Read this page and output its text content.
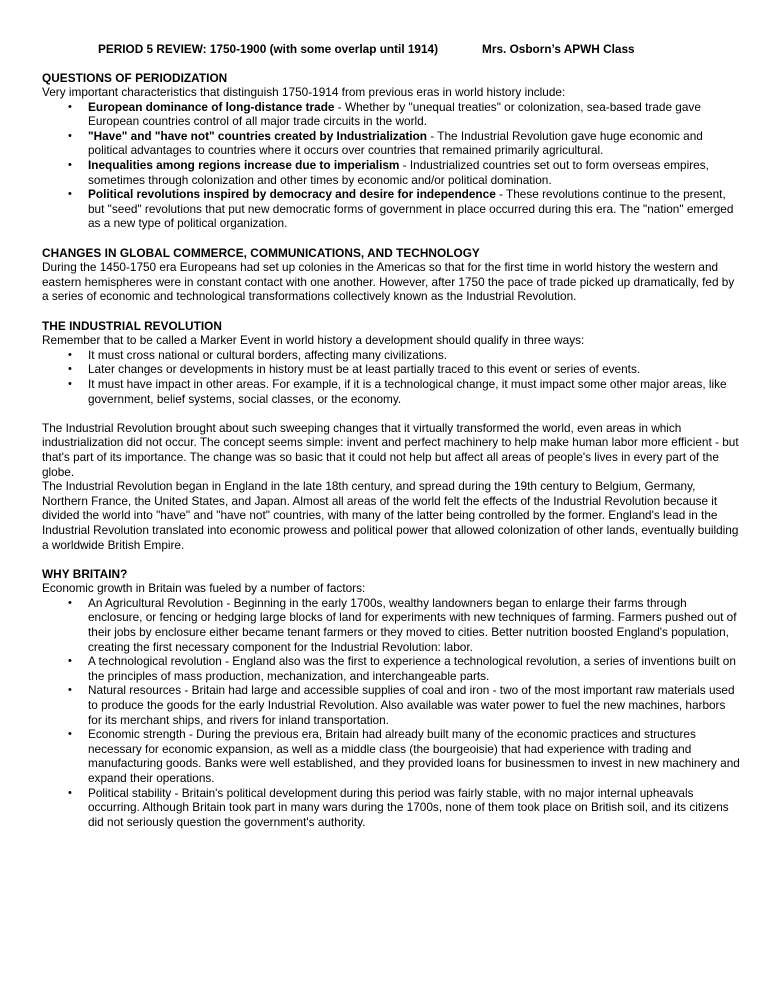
PERIOD 5 REVIEW: 1750-1900 (with some overlap until 1914)	Mrs. Osborn’s APWH Class

QUESTIONS OF PERIODIZATION

Very important characteristics that distinguish 1750-1914 from previous eras in world history include:

• European dominance of long-distance trade - Whether by "unequal treaties" or colonization, sea-based trade gave European countries control of all major trade circuits in the world.
• "Have" and "have not" countries created by Industrialization - The Industrial Revolution gave huge economic and political advantages to countries where it occurs over countries that remained primarily agricultural.
• Inequalities among regions increase due to imperialism - Industrialized countries set out to form overseas empires, sometimes through colonization and other times by economic and/or political domination.
• Political revolutions inspired by democracy and desire for independence - These revolutions continue to the present, but "seed" revolutions that put new democratic forms of government in place occurred during this era. The "nation" emerged as a new type of political organization.

CHANGES IN GLOBAL COMMERCE, COMMUNICATIONS, AND TECHNOLOGY

During the 1450-1750 era Europeans had set up colonies in the Americas so that for the first time in world history the western and eastern hemispheres were in constant contact with one another. However, after 1750 the pace of trade picked up dramatically, fed by a series of economic and technological transformations collectively known as the Industrial Revolution.

THE INDUSTRIAL REVOLUTION

Remember that to be called a Marker Event in world history a development should qualify in three ways:

• It must cross national or cultural borders, affecting many civilizations.
• Later changes or developments in history must be at least partially traced to this event or series of events.
• It must have impact in other areas. For example, if it is a technological change, it must impact some other major areas, like government, belief systems, social classes, or the economy.

The Industrial Revolution brought about such sweeping changes that it virtually transformed the world, even areas in which industrialization did not occur. The concept seems simple: invent and perfect machinery to help make human labor more efficient - but that's part of its importance. The change was so basic that it could not help but affect all areas of people's lives in every part of the globe.

The Industrial Revolution began in England in the late 18th century, and spread during the 19th century to Belgium, Germany, Northern France, the United States, and Japan. Almost all areas of the world felt the effects of the Industrial Revolution because it divided the world into "have" and "have not" countries, with many of the latter being controlled by the former. England's lead in the Industrial Revolution translated into economic prowess and political power that allowed colonization of other lands, eventually building a worldwide British Empire.

WHY BRITAIN?

Economic growth in Britain was fueled by a number of factors:

• An Agricultural Revolution - Beginning in the early 1700s, wealthy landowners began to enlarge their farms through enclosure, or fencing or hedging large blocks of land for experiments with new techniques of farming. Farmers pushed out of their jobs by enclosure either became tenant farmers or they moved to cities. Better nutrition boosted England's population, creating the first necessary component for the Industrial Revolution: labor.
• A technological revolution - England also was the first to experience a technological revolution, a series of inventions built on the principles of mass production, mechanization, and interchangeable parts.
• Natural resources - Britain had large and accessible supplies of coal and iron - two of the most important raw materials used to produce the goods for the early Industrial Revolution. Also available was water power to fuel the new machines, harbors for its merchant ships, and rivers for inland transportation.
• Economic strength - During the previous era, Britain had already built many of the economic practices and structures necessary for economic expansion, as well as a middle class (the bourgeoisie) that had experience with trading and manufacturing goods. Banks were well established, and they provided loans for businessmen to invest in new machinery and expand their operations.
• Political stability - Britain's political development during this period was fairly stable, with no major internal upheavals occurring. Although Britain took part in many wars during the 1700s, none of them took place on British soil, and its citizens did not seriously question the government's authority.
